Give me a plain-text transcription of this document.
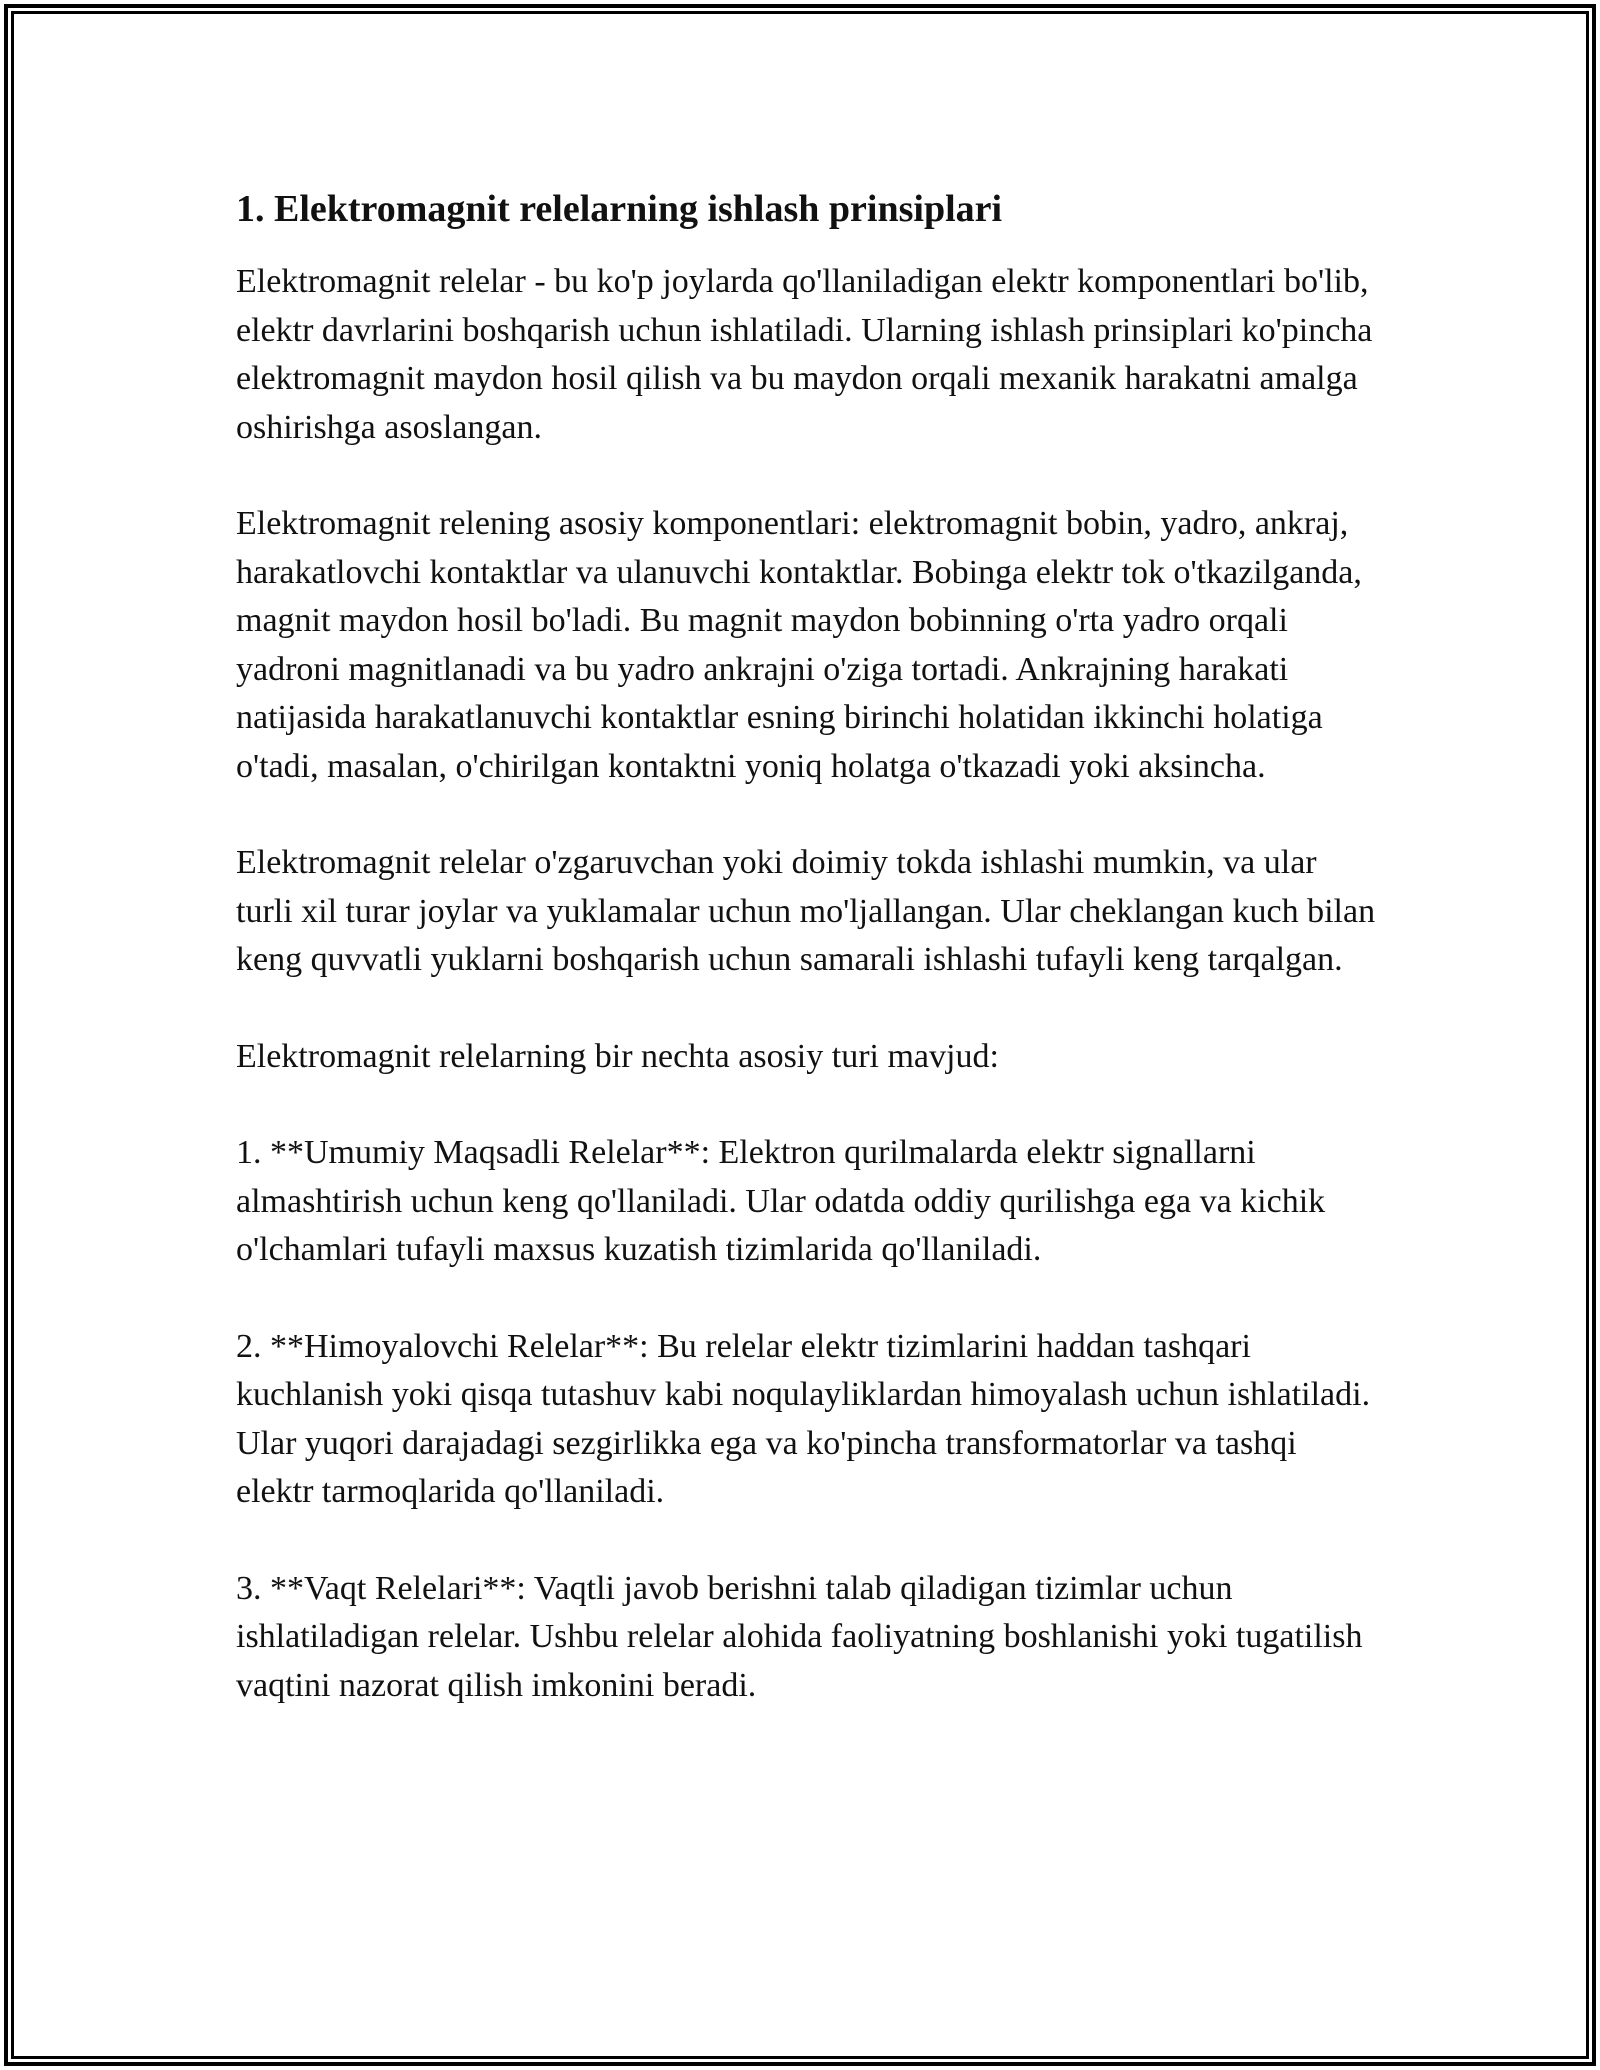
1. Elektromagnit relelarning ishlash prinsiplari

Elektromagnit relelar - bu ko'p joylarda qo'llaniladigan elektr komponentlari bo'lib, elektr davrlarini boshqarish uchun ishlatiladi. Ularning ishlash prinsiplari ko'pincha elektromagnit maydon hosil qilish va bu maydon orqali mexanik harakatni amalga oshirishga asoslangan.

Elektromagnit relening asosiy komponentlari: elektromagnit bobin, yadro, ankraj, harakatlovchi kontaktlar va ulanuvchi kontaktlar. Bobinga elektr tok o'tkazilganda, magnit maydon hosil bo'ladi. Bu magnit maydon bobinning o'rta yadro orqali yadroni magnitlanadi va bu yadro ankrajni o'ziga tortadi. Ankrajning harakati natijasida harakatlanuvchi kontaktlar esning birinchi holatidan ikkinchi holatiga o'tadi, masalan, o'chirilgan kontaktni yoniq holatga o'tkazadi yoki aksincha.

Elektromagnit relelar o'zgaruvchan yoki doimiy tokda ishlashi mumkin, va ular turli xil turar joylar va yuklamalar uchun mo'ljallangan. Ular cheklangan kuch bilan keng quvvatli yuklarni boshqarish uchun samarali ishlashi tufayli keng tarqalgan.

Elektromagnit relelarning bir nechta asosiy turi mavjud:

1. **Umumiy Maqsadli Relelar**: Elektron qurilmalarda elektr signallarni almashtirish uchun keng qo'llaniladi. Ular odatda oddiy qurilishga ega va kichik o'lchamlari tufayli maxsus kuzatish tizimlarida qo'llaniladi.

2. **Himoyalovchi Relelar**: Bu relelar elektr tizimlarini haddan tashqari kuchlanish yoki qisqa tutashuv kabi noqulayliklardan himoyalash uchun ishlatiladi. Ular yuqori darajadagi sezgirlikka ega va ko'pincha transformatorlar va tashqi elektr tarmoqlarida qo'llaniladi.

3. **Vaqt Relelari**: Vaqtli javob berishni talab qiladigan tizimlar uchun ishlatiladigan relelar. Ushbu relelar alohida faoliyatning boshlanishi yoki tugatilish vaqtini nazorat qilish imkonini beradi.
